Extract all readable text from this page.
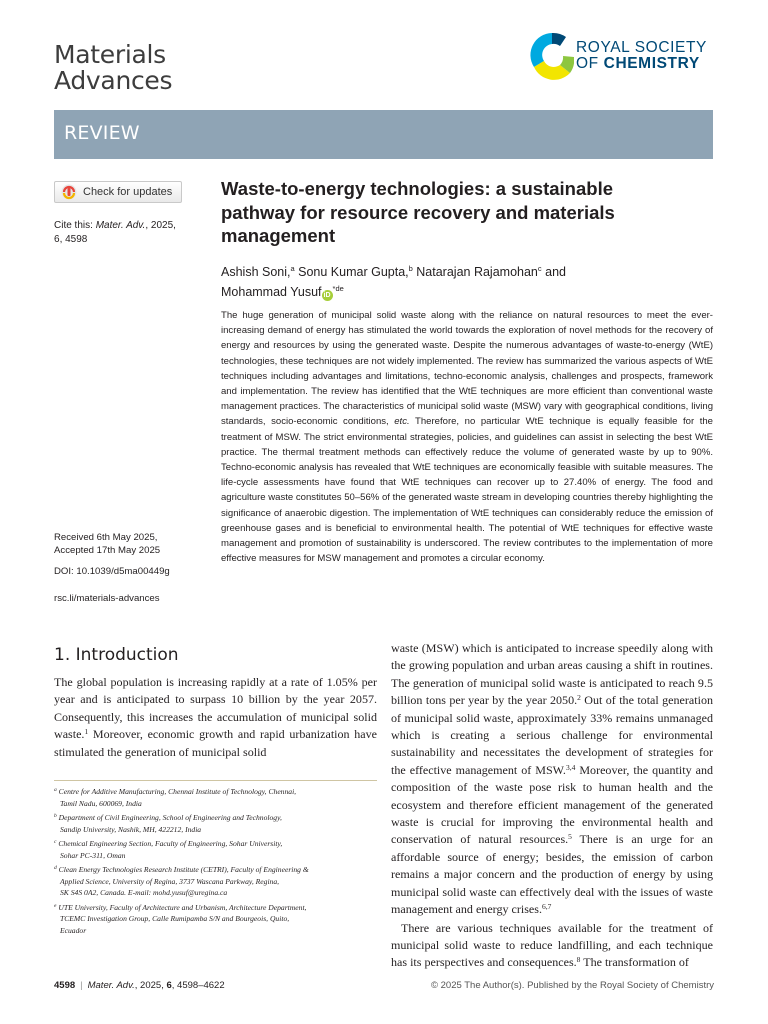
Materials
Advances
ROYAL SOCIETY
OF CHEMISTRY
REVIEW
Check for updates
Cite this: Mater. Adv., 2025,
6, 4598
Waste-to-energy technologies: a sustainable pathway for resource recovery and materials management
Ashish Soni,$^a$ Sonu Kumar Gupta,$^b$ Natarajan Rajamohan$^c$ and
Mohammad Yusuf $iD^{*de}$
The huge generation of municipal solid waste along with the reliance on natural resources to meet the ever-increasing demand of energy has stimulated the world towards the exploration of novel methods for the recovery of energy and resources by using the generated waste. Despite the numerous advantages of waste-to-energy (WtE) technologies, these techniques are not widely implemented. The review has summarized the various aspects of WtE techniques including advantages and limitations, techno-economic analysis, challenges and prospects, framework and implementation. The review has identified that the WtE techniques are more efficient than conventional waste management practices. The characteristics of municipal solid waste (MSW) vary with geographical conditions, living standards, socio-economic conditions, etc. Therefore, no particular WtE technique is equally feasible for the treatment of MSW. The strict environmental strategies, policies, and guidelines can assist in selecting the best WtE practice. The thermal treatment methods can effectively reduce the volume of generated waste by up to 90%. Techno-economic analysis has revealed that WtE techniques are economically feasible with suitable measures. The life-cycle assessments have found that WtE techniques can recover up to 27.40% of energy. The food and agriculture waste constitutes 50–56% of the generated waste stream in developing countries thereby highlighting the significance of anaerobic digestion. The implementation of WtE techniques can considerably reduce the emission of greenhouse gases and is beneficial to environmental health. The potential of WtE techniques for effective waste management and promotion of sustainability is underscored. The review contributes to the implementation of more effective measures for MSW management and promotes a circular economy.
Received 6th May 2025,
Accepted 17th May 2025
DOI: 10.1039/d5ma00449g
rsc.li/materials-advances
1. Introduction
The global population is increasing rapidly at a rate of 1.05% per year and is anticipated to surpass 10 billion by the year 2057. Consequently, this increases the accumulation of municipal solid waste.$^1$ Moreover, economic growth and rapid urbanization have stimulated the generation of municipal solid
waste (MSW) which is anticipated to increase speedily along with the growing population and urban areas causing a shift in routines. The generation of municipal solid waste is anticipated to reach 9.5 billion tons per year by the year 2050.$^2$ Out of the total generation of municipal solid waste, approximately 33% remains unmanaged which is creating a serious challenge for environmental sustainability and necessitates the development of strategies for the effective management of MSW.$^{3,4}$ Moreover, the quantity and composition of the waste pose risk to human health and the ecosystem and therefore efficient management of the generated waste is crucial for improving the environmental health and conservation of natural resources.$^5$ There is an urge for an affordable source of energy; besides, the emission of carbon remains a major concern and the production of energy by using municipal solid waste can effectively deal with the issues of waste management and energy crises.$^{6,7}$
There are various techniques available for the treatment of municipal solid waste to reduce landfilling, and each technique has its perspectives and consequences.$^8$ The transformation of
$^a$ Centre for Additive Manufacturing, Chennai Institute of Technology, Chennai,
Tamil Nadu, 600069, India
$^b$ Department of Civil Engineering, School of Engineering and Technology,
Sandip University, Nashik, MH, 422212, India
$^c$ Chemical Engineering Section, Faculty of Engineering, Sohar University,
Sohar PC-311, Oman
$^d$ Clean Energy Technologies Research Institute (CETRI), Faculty of Engineering &
Applied Science, University of Regina, 3737 Wascana Parkway, Regina,
SK S4S 0A2, Canada. E-mail: mohd.yusuf@uregina.ca
$^e$ UTE University, Faculty of Architecture and Urbanism, Architecture Department,
TCEMC Investigation Group, Calle Rumipamba S/N and Bourgeois, Quito,
Ecuador
4598 | Mater. Adv., 2025, 6, 4598–4622	© 2025 The Author(s). Published by the Royal Society of Chemistry
